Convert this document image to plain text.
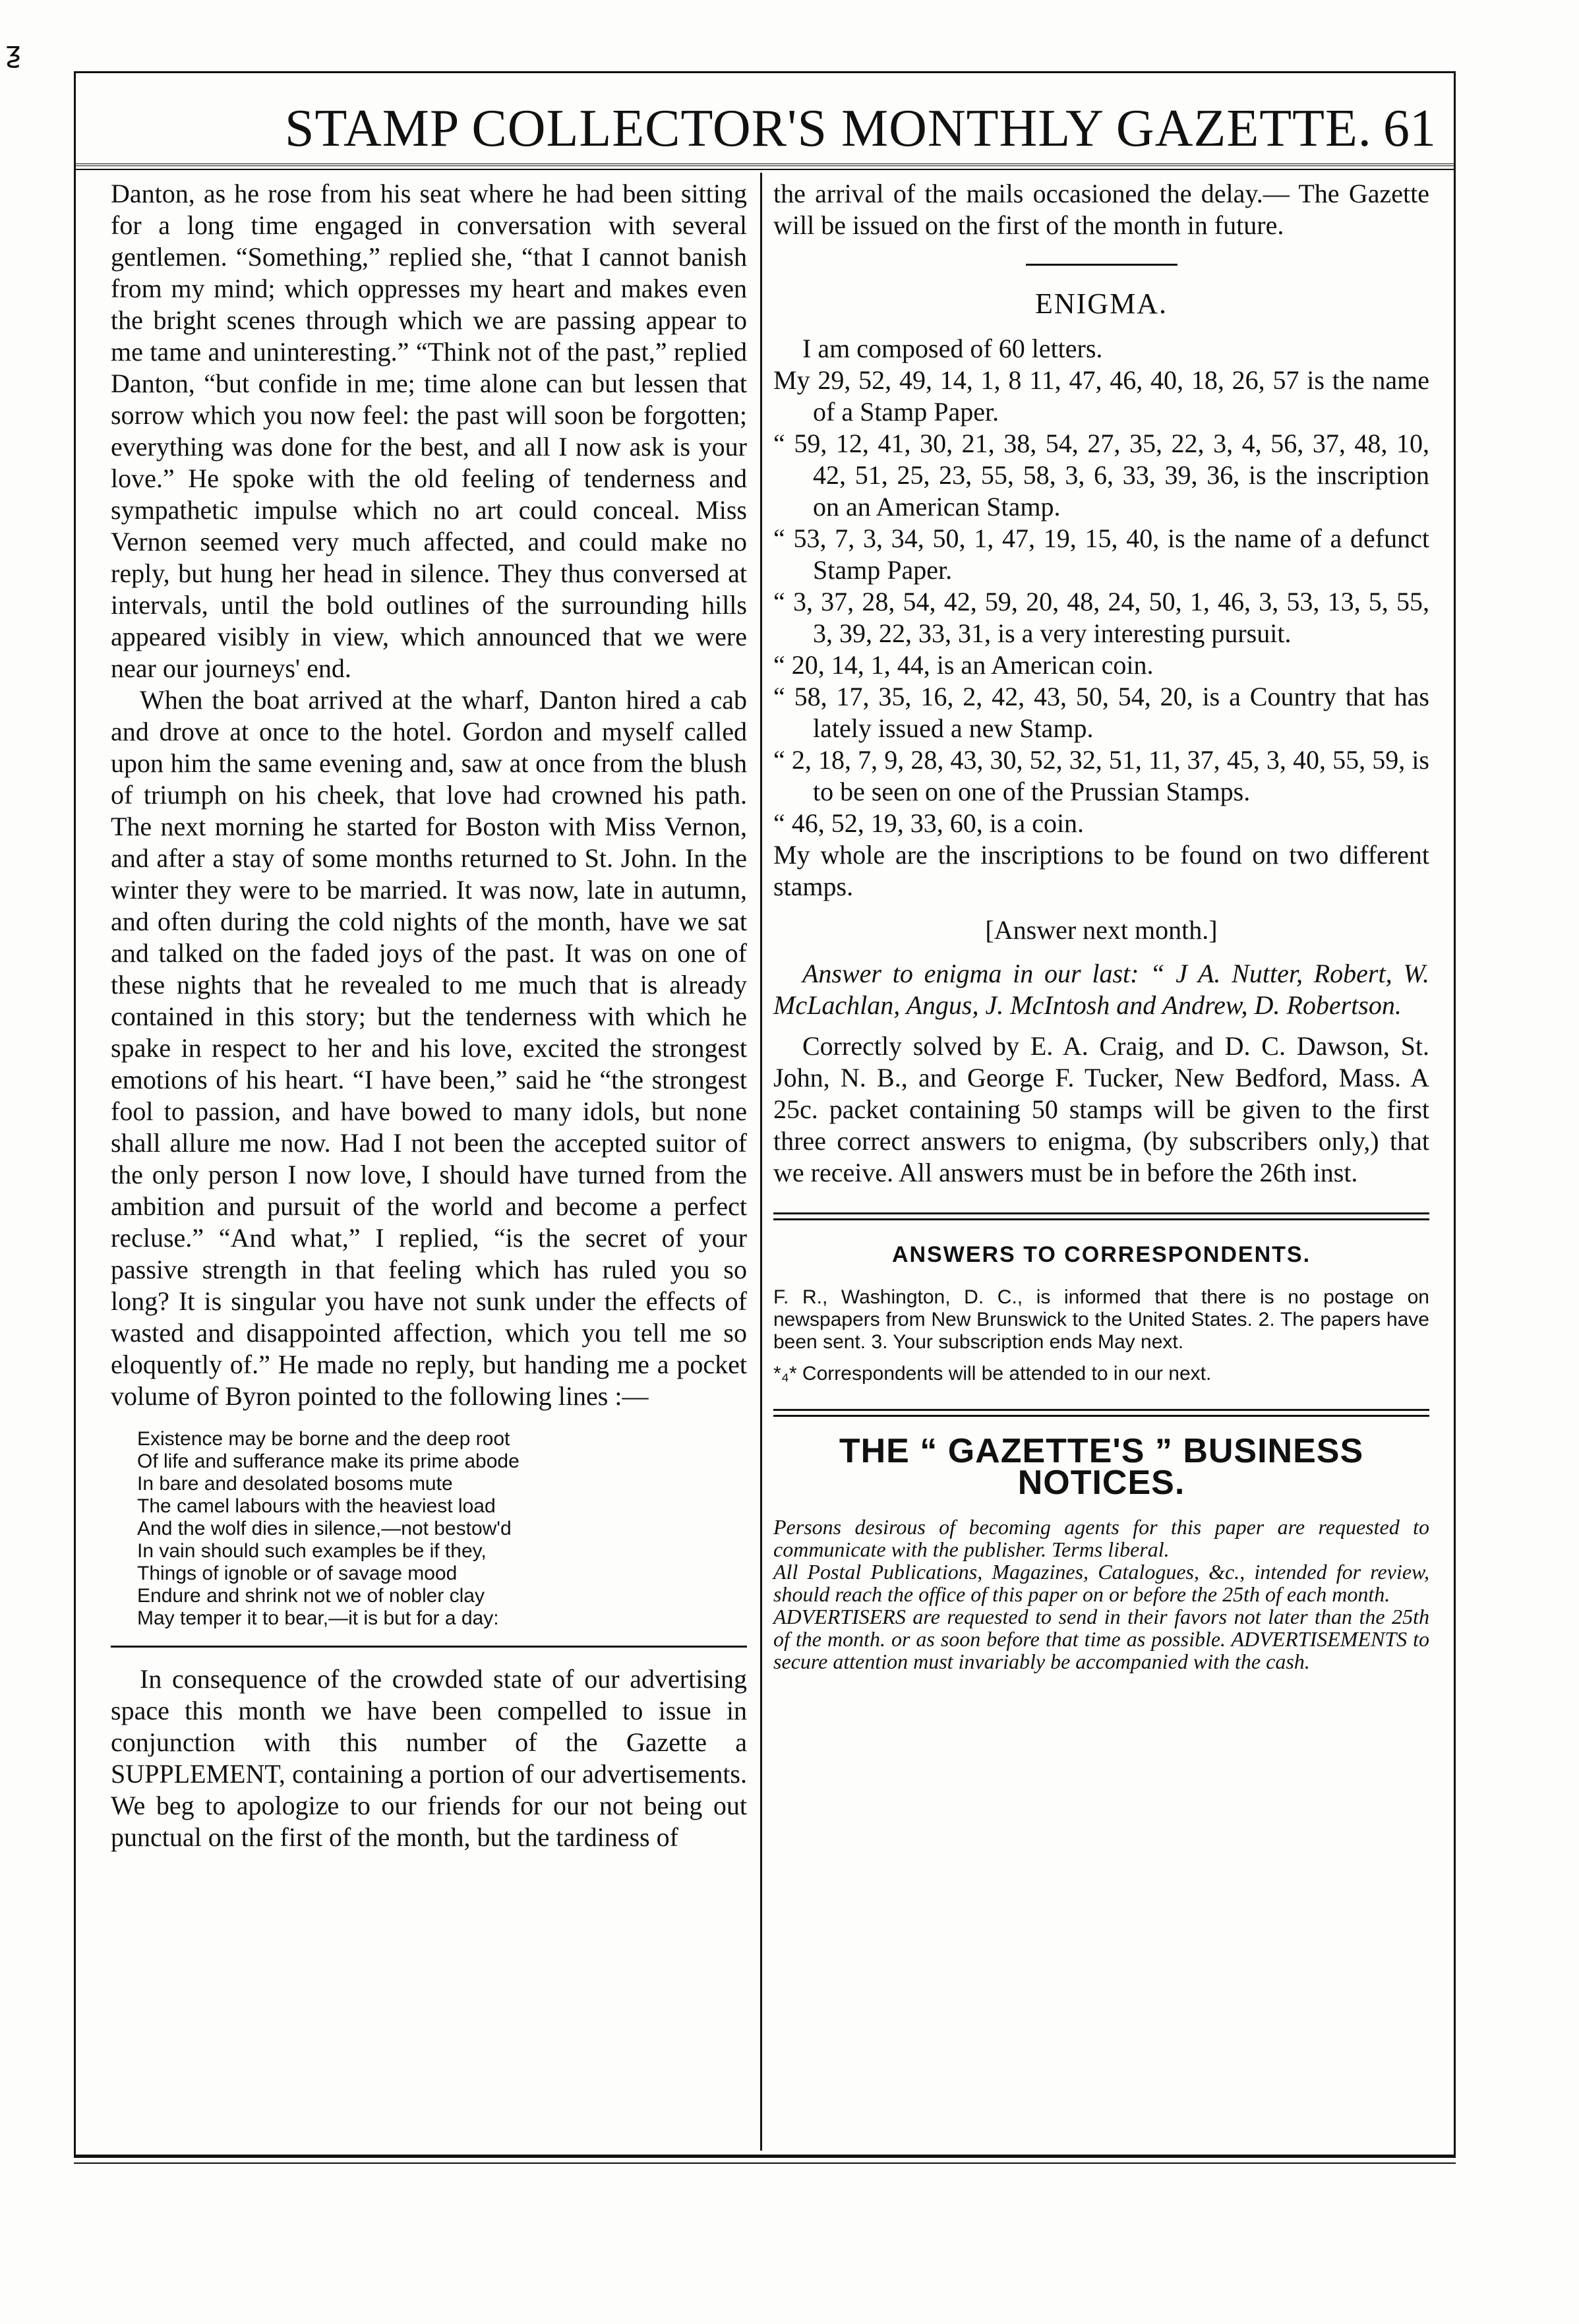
ƺ
STAMP COLLECTOR'S MONTHLY GAZETTE. 61

Danton, as he rose from his seat where he had been sitting for a long time engaged in conversation with several gentlemen. “Something,” replied she, “that I cannot banish from my mind; which oppresses my heart and makes even the bright scenes through which we are passing appear to me tame and uninteresting.” “Think not of the past,” replied Danton, “but confide in me; time alone can but lessen that sorrow which you now feel: the past will soon be forgotten; everything was done for the best, and all I now ask is your love.” He spoke with the old feeling of tenderness and sympathetic impulse which no art could conceal. Miss Vernon seemed very much affected, and could make no reply, but hung her head in silence. They thus conversed at intervals, until the bold outlines of the surrounding hills appeared visibly in view, which announced that we were near our journeys' end.

When the boat arrived at the wharf, Danton hired a cab and drove at once to the hotel. Gordon and myself called upon him the same evening and, saw at once from the blush of triumph on his cheek, that love had crowned his path. The next morning he started for Boston with Miss Vernon, and after a stay of some months returned to St. John. In the winter they were to be married. It was now, late in autumn, and often during the cold nights of the month, have we sat and talked on the faded joys of the past. It was on one of these nights that he revealed to me much that is already contained in this story; but the tenderness with which he spake in respect to her and his love, excited the strongest emotions of his heart. “I have been,” said he “the strongest fool to passion, and have bowed to many idols, but none shall allure me now. Had I not been the accepted suitor of the only person I now love, I should have turned from the ambition and pursuit of the world and become a perfect recluse.” “And what,” I replied, “is the secret of your passive strength in that feeling which has ruled you so long? It is singular you have not sunk under the effects of wasted and disappointed affection, which you tell me so eloquently of.” He made no reply, but handing me a pocket volume of Byron pointed to the following lines :—

Existence may be borne and the deep root
Of life and sufferance make its prime abode
In bare and desolated bosoms mute
The camel labours with the heaviest load
And the wolf dies in silence,—not bestow'd
In vain should such examples be if they,
Things of ignoble or of savage mood
Endure and shrink not we of nobler clay
May temper it to bear,—it is but for a day:

In consequence of the crowded state of our advertising space this month we have been compelled to issue in conjunction with this number of the Gazette a SUPPLEMENT, containing a portion of our advertisements. We beg to apologize to our friends for our not being out punctual on the first of the month, but the tardiness of

the arrival of the mails occasioned the delay.— The Gazette will be issued on the first of the month in future.

ENIGMA.

I am composed of 60 letters.

My 29, 52, 49, 14, 1, 8 11, 47, 46, 40, 18, 26, 57 is the name of a Stamp Paper.

“ 59, 12, 41, 30, 21, 38, 54, 27, 35, 22, 3, 4, 56, 37, 48, 10, 42, 51, 25, 23, 55, 58, 3, 6, 33, 39, 36, is the inscription on an American Stamp.

“ 53, 7, 3, 34, 50, 1, 47, 19, 15, 40, is the name of a defunct Stamp Paper.

“ 3, 37, 28, 54, 42, 59, 20, 48, 24, 50, 1, 46, 3, 53, 13, 5, 55, 3, 39, 22, 33, 31, is a very interesting pursuit.

“ 20, 14, 1, 44, is an American coin.

“ 58, 17, 35, 16, 2, 42, 43, 50, 54, 20, is a Country that has lately issued a new Stamp.

“ 2, 18, 7, 9, 28, 43, 30, 52, 32, 51, 11, 37, 45, 3, 40, 55, 59, is to be seen on one of the Prussian Stamps.

“ 46, 52, 19, 33, 60, is a coin.

My whole are the inscriptions to be found on two different stamps.

[Answer next month.]

Answer to enigma in our last: “ J A. Nutter, Robert, W. McLachlan, Angus, J. McIntosh and Andrew, D. Robertson.

Correctly solved by E. A. Craig, and D. C. Dawson, St. John, N. B., and George F. Tucker, New Bedford, Mass. A 25c. packet containing 50 stamps will be given to the first three correct answers to enigma, (by subscribers only,) that we receive. All answers must be in before the 26th inst.

ANSWERS TO CORRESPONDENTS.

F. R., Washington, D. C., is informed that there is no postage on newspapers from New Brunswick to the United States. 2. The papers have been sent. 3. Your subscription ends May next.

*₄* Correspondents will be attended to in our next.

THE “ GAZETTE'S ” BUSINESS NOTICES.

Persons desirous of becoming agents for this paper are requested to communicate with the publisher. Terms liberal.

All Postal Publications, Magazines, Catalogues, &c., intended for review, should reach the office of this paper on or before the 25th of each month.

ADVERTISERS are requested to send in their favors not later than the 25th of the month. or as soon before that time as possible. ADVERTISEMENTS to secure attention must invariably be accompanied with the cash.
